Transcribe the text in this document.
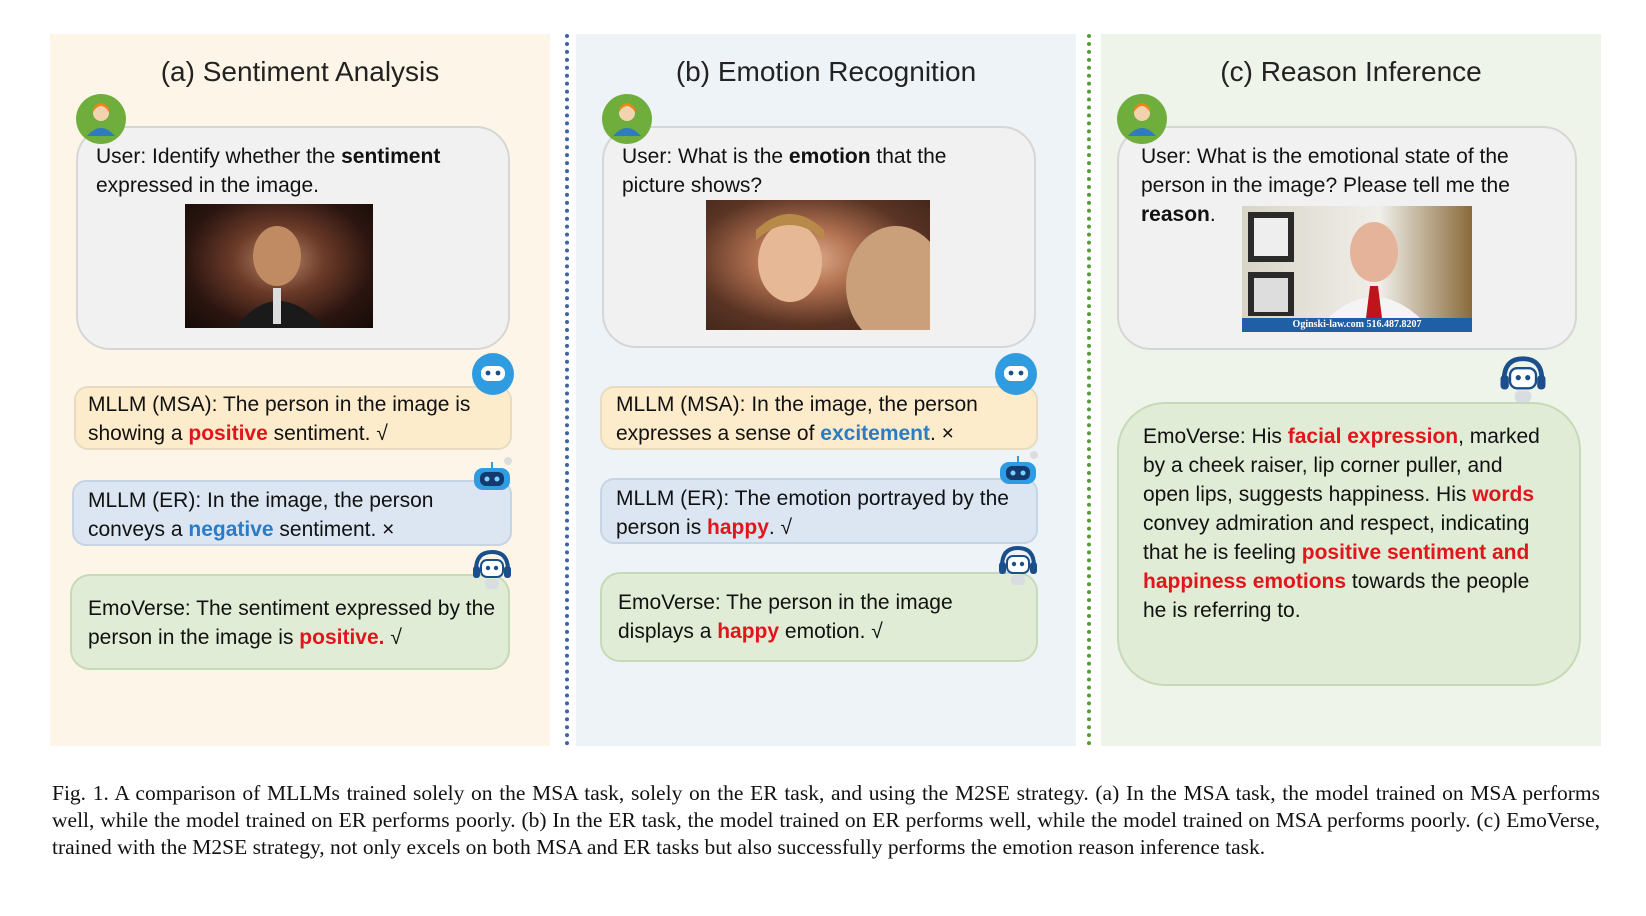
(a) Sentiment Analysis
User: Identify whether the sentiment expressed in the image.
MLLM (MSA): The person in the image is showing a positive sentiment. √
MLLM (ER): In the image, the person conveys a negative sentiment. ×
EmoVerse: The sentiment expressed by the person in the image is positive. √
(b) Emotion Recognition
User: What is the emotion that the picture shows?
MLLM (MSA): In the image, the person expresses a sense of excitement. ×
MLLM (ER): The emotion portrayed by the person is happy. √
EmoVerse: The person in the image displays a happy emotion. √
(c) Reason Inference
User: What is the emotional state of the person in the image? Please tell me the reason.
Oginski-law.com 516.487.8207
EmoVerse: His facial expression, marked by a cheek raiser, lip corner puller, and open lips, suggests happiness. His words convey admiration and respect, indicating that he is feeling positive sentiment and happiness emotions towards the people he is referring to.
Fig. 1. A comparison of MLLMs trained solely on the MSA task, solely on the ER task, and using the M2SE strategy. (a) In the MSA task, the model trained on MSA performs well, while the model trained on ER performs poorly. (b) In the ER task, the model trained on ER performs well, while the model trained on MSA performs poorly. (c) EmoVerse, trained with the M2SE strategy, not only excels on both MSA and ER tasks but also successfully performs the emotion reason inference task.
